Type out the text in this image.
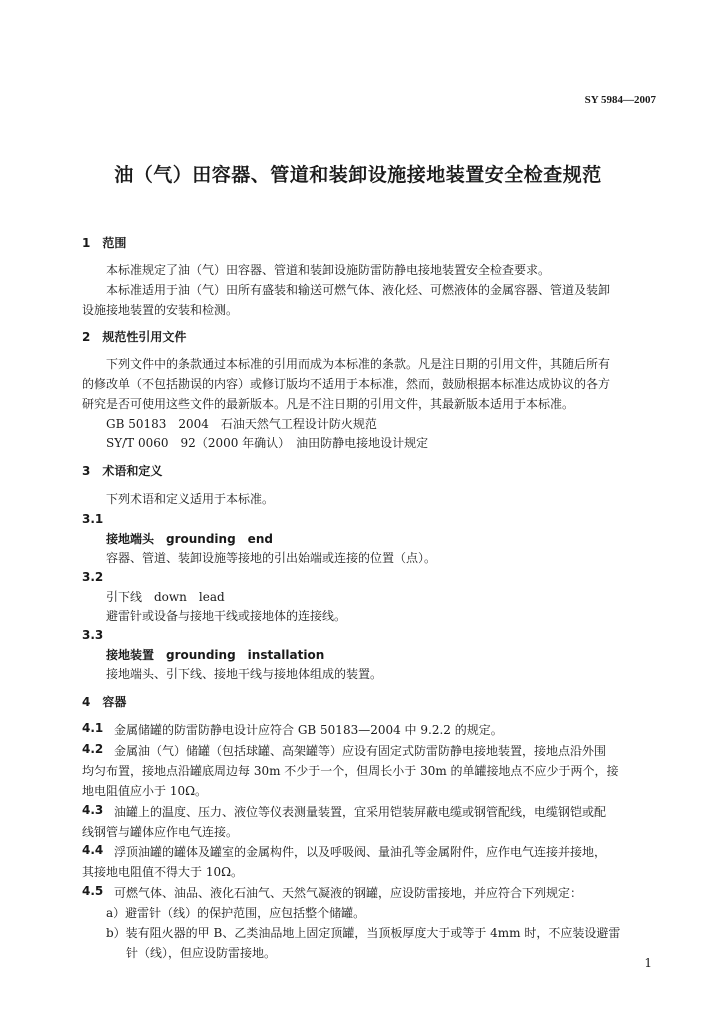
SY 5984—2007
油（气）田容器、管道和装卸设施接地装置安全检查规范
1　范围
本标准规定了油（气）田容器、管道和装卸设施防雷防静电接地装置安全检查要求。
本标准适用于油（气）田所有盛装和输送可燃气体、液化烃、可燃液体的金属容器、管道及装卸
设施接地装置的安装和检测。
2　规范性引用文件
下列文件中的条款通过本标准的引用而成为本标准的条款。凡是注日期的引用文件，其随后所有
的修改单（不包括勘误的内容）或修订版均不适用于本标准，然而，鼓励根据本标准达成协议的各方
研究是否可使用这些文件的最新版本。凡是不注日期的引用文件，其最新版本适用于本标准。
GB 50183　2004　石油天然气工程设计防火规范
SY/T 0060　92（2000 年确认）　油田防静电接地设计规定
3　术语和定义
下列术语和定义适用于本标准。
3.1
接地端头　grounding　end
容器、管道、装卸设施等接地的引出始端或连接的位置（点）。
3.2
引下线　down　lead
避雷针或设备与接地干线或接地体的连接线。
3.3
接地装置　grounding　installation
接地端头、引下线、接地干线与接地体组成的装置。
4　容器
4.1 金属储罐的防雷防静电设计应符合 GB 50183—2004 中 9.2.2 的规定。
4.2 金属油（气）储罐（包括球罐、高架罐等）应设有固定式防雷防静电接地装置，接地点沿外围
均匀布置，接地点沿罐底周边每 30m 不少于一个，但周长小于 30m 的单罐接地点不应少于两个，接
地电阻值应小于 10Ω。
4.3 油罐上的温度、压力、液位等仪表测量装置，宜采用铠装屏蔽电缆或钢管配线，电缆钢铠或配
线钢管与罐体应作电气连接。
4.4 浮顶油罐的罐体及罐室的金属构件，以及呼吸阀、量油孔等金属附件，应作电气连接并接地，
其接地电阻值不得大于 10Ω。
4.5 可燃气体、油品、液化石油气、天然气凝液的钢罐，应设防雷接地，并应符合下列规定：
a）避雷针（线）的保护范围，应包括整个储罐。
b）装有阻火器的甲 B、乙类油品地上固定顶罐，当顶板厚度大于或等于 4mm 时，不应装设避雷
针（线），但应设防雷接地。
1
